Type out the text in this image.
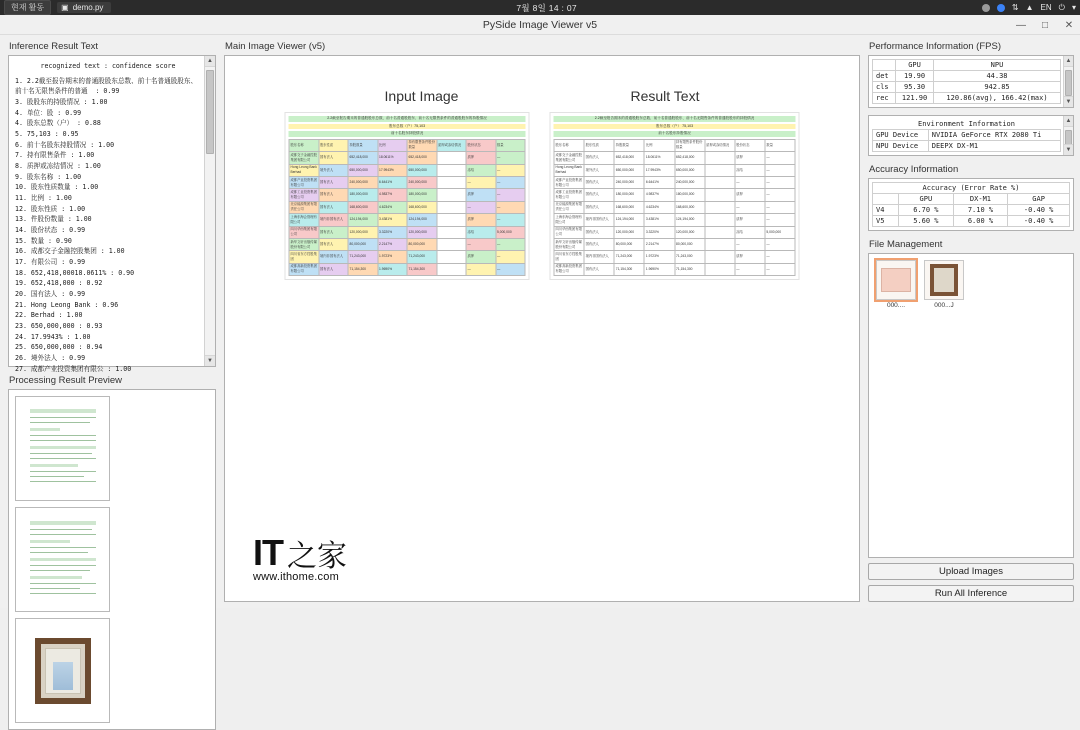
현재 활동	▣ demo.py	7월 8일 14 : 07	⇅ ▲ EN ⏻ ▾
PySide Image Viewer v5	—	□	✕
Inference Result Text
recognized text : confidence score
1. 2.2截至报告期末的普通股股东总数、前十名普通股股东、
前十名无限售条件的普通  : 0.99
3. 股股东的持股情况 : 1.00
4. 单位：股 : 0.99
4. 股东总数（户） : 0.88
5. 75,103 : 0.95
6. 前十名股东持股情况 : 1.00
7. 持有限售条件 : 1.00
8. 质押或冻结情况 : 1.00
9. 股东名称 : 1.00
10. 股东性质数量 : 1.00
11. 比例 : 1.00
12. 股东性质 : 1.00
13. 件股份数量 : 1.00
14. 股份状态 : 0.99
15. 数量 : 0.90
16. 成都交子金融控股集团 : 1.00
17. 有限公司 : 0.99
18. 652,418,00018.0611% : 0.90
19. 652,418,000 : 0.92
20. 国有法人 : 0.99
21. Hong Leong Bank : 0.96
22. Berhad : 1.00
23. 650,000,000 : 0.93
24. 17.9943% : 1.00
25. 650,000,000 : 0.94
26. 境外法人 : 0.99
27. 成都产业投资集团有限公 : 1.00
▲
▼
Processing Result Preview
Main Image Viewer (v5)
Input Image	Result Text
2.2截至报告期末的普通股股东总数、前十名普通股股东、前十名无限售条件的普通股股东的持股情况
股东总数（户）75,103
前十名股东持股情况
股东名称	股东性质	持股数量	比例	持有限售条件股份数量	质押或冻结情况	股份状态	数量
成都交子金融控股集团有限公司	国有法人	652,418,000	18.0611%	652,418,000		质押	—
Hong Leong Bank Berhad	境外法人	650,000,000	17.9943%	650,000,000		冻结	—
成都产业投资集团有限公司	国有法人	240,000,000	6.6441%	240,000,000		—	—
成都工业投资集团有限公司	国有法人	180,000,000	4.9837%	180,000,000		质押	—
北京能源集团有限责任公司	国有法人	168,600,000	4.6234%	168,600,000		—	—
上海东海会管理有限公司	境内非国有法人	124,194,000	3.4381%	124,194,000		质押	—
四川华西集团有限公司	国有法人	120,000,000	3.3220%	120,000,000		冻结	5,000,000
新华文轩出版传媒股份有限公司	国有法人	80,000,000	2.2147%	80,000,000		—	—
四川省东方控股集团	境内非国有法人	71,243,000	1.9723%	71,243,000		质押	—
成都高新投资集团有限公司	国有法人	71,154,300	1.9690%	71,154,300		—	—
2.2截至报告期末的普通股股东总数、前十名普通股股东、前十名无限售条件的普通股股东的持股情况
股东总数（户） 75,103
前十名股东持股情况
股东名称	股东性质	持股数量	比例	持有限售条件股份数量	质押或冻结情况	股份状态	数量
成都交子金融控股集团有限公司	国有法人	652,418,000	18.0611%	652,418,000		质押	—
Hong Leong Bank Berhad	境外法人	650,000,000	17.9943%	650,000,000		冻结	—
成都产业投资集团有限公司	国有法人	240,000,000	6.6441%	240,000,000		—	—
成都工业投资集团有限公司	国有法人	180,000,000	4.9837%	180,000,000		质押	—
北京能源集团有限责任公司	国有法人	168,600,000	4.6234%	168,600,000		—	—
上海东海会管理有限公司	境内非国有法人	124,194,000	3.4381%	124,194,000		质押	—
四川华西集团有限公司	国有法人	120,000,000	3.3220%	120,000,000		冻结	5,000,000
新华文轩出版传媒股份有限公司	国有法人	80,000,000	2.2147%	80,000,000		—	—
四川省东方控股集团	境内非国有法人	71,243,000	1.9723%	71,243,000		质押	—
成都高新投资集团有限公司	国有法人	71,154,300	1.9690%	71,154,300		—	—
IT 之家
www.ithome.com
Performance Information (FPS)
	GPU	NPU
det	19.90	44.38
cls	95.30	942.85
rec	121.90	120.86(avg), 166.42(max)
▲
▼
Environment Information
GPU Device	NVIDIA GeForce RTX 2080 Ti
NPU Device	DEEPX DX-M1
▲
▼
Accuracy Information
Accuracy (Error Rate %)			
	GPU	DX-M1	GAP
V4	6.70 %	7.10 %	-0.40 %
V5	5.60 %	6.00 %	-0.40 %
File Management
000....	000...J
Upload Images
Run All Inference
